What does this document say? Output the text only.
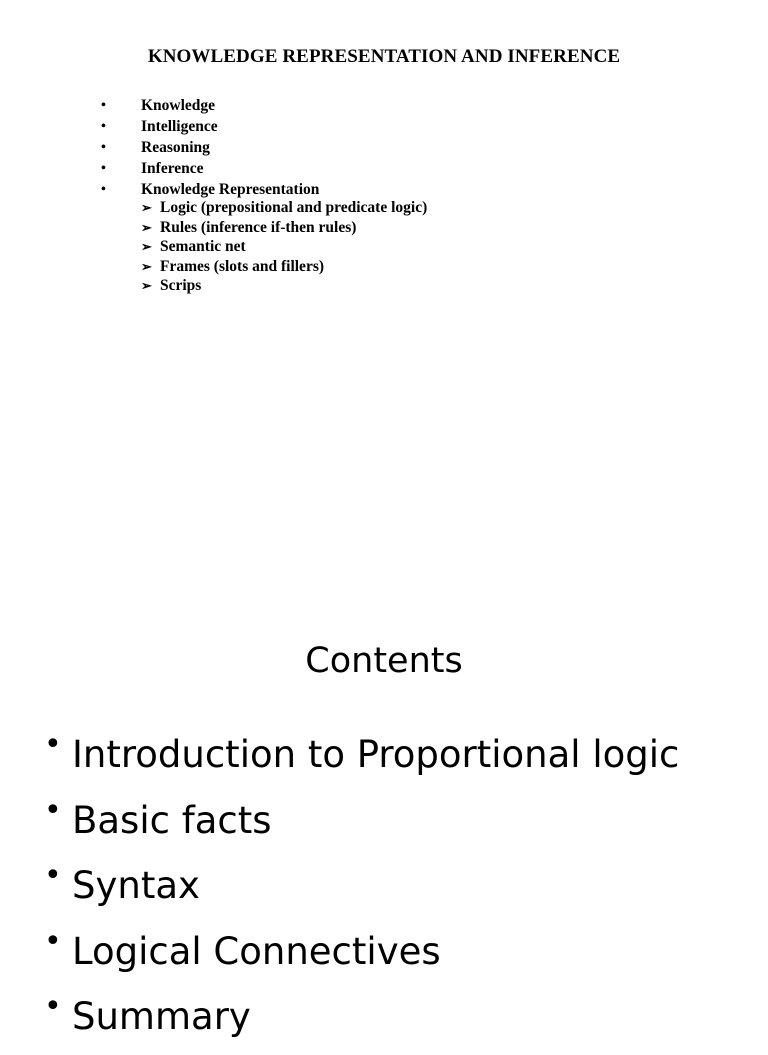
KNOWLEDGE REPRESENTATION AND INFERENCE
•	Knowledge
•	Intelligence
•	Reasoning
•	Inference
•	Knowledge Representation
➢ Logic (prepositional and predicate logic)
➢ Rules (inference if-then rules)
➢ Semantic net
➢ Frames (slots and fillers)
➢ Scrips
Contents
• Introduction to Proportional logic
• Basic facts
• Syntax
• Logical Connectives
• Summary
